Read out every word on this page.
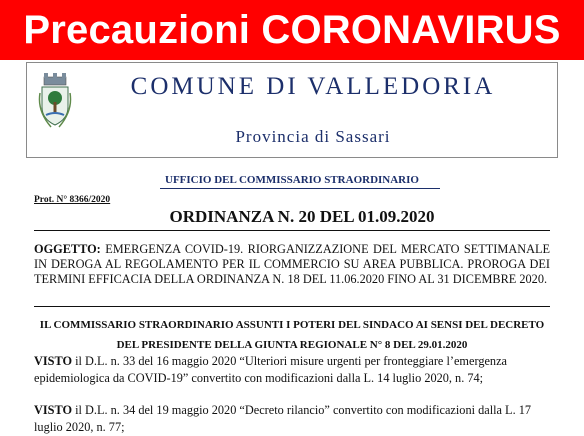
Precauzioni CORONAVIRUS
COMUNE DI VALLEDORIA
Provincia di Sassari
UFFICIO DEL COMMISSARIO STRAORDINARIO
Prot. N° 8366/2020
ORDINANZA N. 20 DEL 01.09.2020
OGGETTO: EMERGENZA COVID-19. RIORGANIZZAZIONE DEL MERCATO SETTIMANALE IN DEROGA AL REGOLAMENTO PER IL COMMERCIO SU AREA PUBBLICA. PROROGA DEI TERMINI EFFICACIA DELLA ORDINANZA N. 18 DEL 11.06.2020 FINO AL 31 DICEMBRE 2020.
IL COMMISSARIO STRAORDINARIO ASSUNTI I POTERI DEL SINDACO AI SENSI DEL DECRETO DEL PRESIDENTE DELLA GIUNTA REGIONALE N° 8 DEL 29.01.2020
VISTO il D.L. n. 33 del 16 maggio 2020 “Ulteriori misure urgenti per fronteggiare l’emergenza epidemiologica da COVID-19” convertito con modificazioni dalla L. 14 luglio 2020, n. 74;
VISTO il D.L. n. 34 del 19 maggio 2020 “Decreto rilancio” convertito con modificazioni dalla L. 17 luglio 2020, n. 77;
